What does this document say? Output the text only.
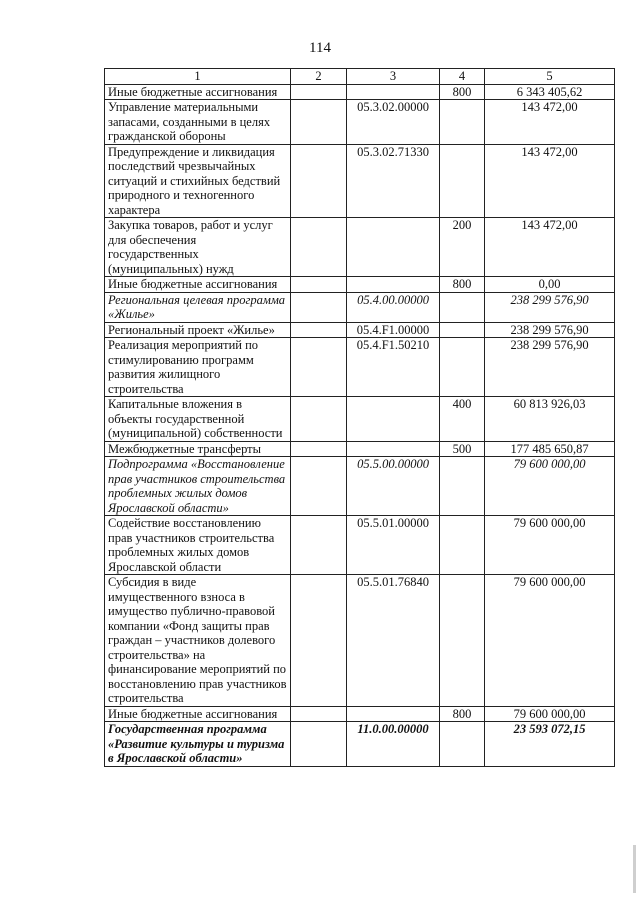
114
1	2	3	4	5
Иные бюджетные ассигнования			800	6 343 405,62
Управление материальными запасами, созданными в целях гражданской обороны		05.3.02.00000		143 472,00
Предупреждение и ликвидация последствий чрезвычайных ситуаций и стихийных бедствий природного и техногенного характера		05.3.02.71330		143 472,00
Закупка товаров, работ и услуг для обеспечения государственных (муниципальных) нужд			200	143 472,00
Иные бюджетные ассигнования			800	0,00
Региональная целевая программа «Жилье»		05.4.00.00000		238 299 576,90
Региональный проект «Жилье»		05.4.F1.00000		238 299 576,90
Реализация мероприятий по стимулированию программ развития жилищного строительства		05.4.F1.50210		238 299 576,90
Капитальные вложения в объекты государственной (муниципальной) собственности			400	60 813 926,03
Межбюджетные трансферты			500	177 485 650,87
Подпрограмма «Восстановление прав участников строительства проблемных жилых домов Ярославской области»		05.5.00.00000		79 600 000,00
Содействие восстановлению прав участников строительства проблемных жилых домов Ярославской области		05.5.01.00000		79 600 000,00
Субсидия в виде имущественного взноса в имущество публично-правовой компании «Фонд защиты прав граждан – участников долевого строительства» на финансирование мероприятий по восстановлению прав участников строительства		05.5.01.76840		79 600 000,00
Иные бюджетные ассигнования			800	79 600 000,00
Государственная программа «Развитие культуры и туризма в Ярославской области»		11.0.00.00000		23 593 072,15
